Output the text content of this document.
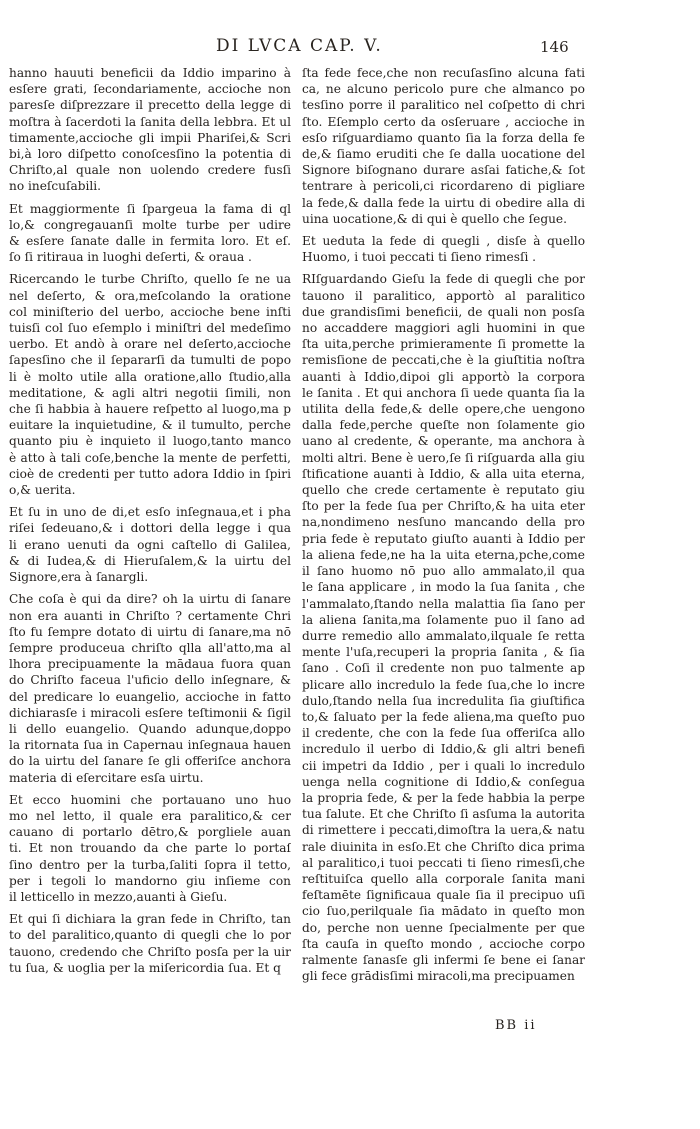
DI LVCA CAP. V.	146
hanno hauuti beneficii da Iddio imparino à
esſere grati, ſecondariamente, accioche non
paresſe diſprezzare il precetto della legge di
moſtra à ſacerdoti la ſanita della lebbra. Et ul
timamente,accioche gli impii Phariſei,& Scri
bi,à loro diſpetto conoſcesſino la potentia di
Chriſto,al quale non uolendo credere fusſi
no ineſcuſabili.
Et maggiormente ſi ſpargeua la fama di ql
lo,& congregauanſi molte turbe per udire
& esſere ſanate dalle in fermita loro. Et eſ.
ſo ſi ritiraua in luoghi deſerti, & oraua .
Ricercando le turbe Chriſto, quello ſe ne ua
nel deſerto, & ora,meſcolando la oratione
col miniſterio del uerbo, accioche bene inſti
tuisſi col ſuo eſemplo i miniſtri del medeſimo
uerbo. Et andò à orare nel deſerto,accioche
ſapesſino che il ſepararſi da tumulti de popo
li è molto utile alla oratione,allo ſtudio,alla
meditatione, & agli altri negotii ſimili, non
che ſi habbia à hauere reſpetto al luogo,ma p
euitare la inquietudine, & il tumulto, perche
quanto piu è inquieto il luogo,tanto manco
è atto à tali coſe,benche la mente de perfetti,
cioè de credenti per tutto adora Iddio in ſpiri
o,& uerita.
Et ſu in uno de di,et esſo inſegnaua,et i pha
riſei ſedeuano,& i dottori della legge i qua
li erano uenuti da ogni caſtello di Galilea,
& di Iudea,& di Hieruſalem,& la uirtu del
Signore,era à ſanargli.
Che coſa è qui da dire? oh la uirtu di ſanare
non era auanti in Chriſto ? certamente Chri
ſto fu ſempre dotato di uirtu di ſanare,ma nō
ſempre produceua chriſto qlla all'atto,ma al
lhora precipuamente la mādaua fuora quan
do Chriſto faceua l'uficio dello inſegnare, &
del predicare lo euangelio, accioche in fatto
dichiarasſe i miracoli esſere teſtimonii & ſigil
li dello euangelio. Quando adunque,doppo
la ritornata ſua in Capernau inſegnaua hauen
do la uirtu del ſanare ſe gli offeriſce anchora
materia di eſercitare esſa uirtu.
Et ecco huomini che portauano uno huo
mo nel letto, il quale era paralitico,& cer
cauano di portarlo dētro,& porgliele auan
ti. Et non trouando da che parte lo portaſ
ſino dentro per la turba,ſaliti ſopra il tetto,
per i tegoli lo mandorno giu inſieme con
il letticello in mezzo,auanti à Gieſu.
Et qui ſi dichiara la gran fede in Chriſto, tan
to del paralitico,quanto di quegli che lo por
tauono, credendo che Chriſto posſa per la uir
tu ſua, & uoglia per la miſericordia ſua. Et q
ſta fede fece,che non recuſasſino alcuna fati
ca, ne alcuno pericolo pure che almanco po
tesſino porre il paralitico nel coſpetto di chri
ſto. Eſemplo certo da osſeruare , accioche in
esſo riſguardiamo quanto ſia la forza della fe
de,& ſiamo eruditi che ſe dalla uocatione del
Signore biſognano durare asſai fatiche,& ſot
tentrare à pericoli,ci ricordareno di pigliare
la fede,& dalla fede la uirtu di obedire alla di
uina uocatione,& di qui è quello che ſegue.
Et ueduta la fede di quegli , disſe à quello
Huomo, i tuoi peccati ti ſieno rimesſi .
RIſguardando Gieſu la fede di quegli che por
tauono il paralitico, apportò al paralitico
due grandisſimi beneficii, de quali non posſa
no accaddere maggiori agli huomini in que
ſta uita,perche primieramente ſi promette la
remisſione de peccati,che è la giuſtitia noſtra
auanti à Iddio,dipoi gli apportò la corpora
le ſanita . Et qui anchora ſi uede quanta ſia la
utilita della fede,& delle opere,che uengono
dalla fede,perche queſte non ſolamente gio
uano al credente, & operante, ma anchora à
molti altri. Bene è uero,ſe ſi riſguarda alla giu
ſtificatione auanti à Iddio, & alla uita eterna,
quello che crede certamente è reputato giu
ſto per la fede ſua per Chriſto,& ha uita eter
na,nondimeno nesſuno mancando della pro
pria fede è reputato giuſto auanti à Iddio per
la aliena fede,ne ha la uita eterna,pche,come
il ſano huomo nō puo allo ammalato,il qua
le ſana applicare , in modo la ſua ſanita , che
l'ammalato,ſtando nella malattia ſia ſano per
la aliena ſanita,ma ſolamente puo il ſano ad
durre remedio allo ammalato,ilquale ſe retta
mente l'uſa,recuperi la propria ſanita , & ſia
ſano . Coſi il credente non puo talmente ap
plicare allo incredulo la fede ſua,che lo incre
dulo,ſtando nella ſua incredulita ſia giuſtifica
to,& ſaluato per la fede aliena,ma queſto puo
il credente, che con la fede ſua offeriſca allo
incredulo il uerbo di Iddio,& gli altri benefi
cii impetri da Iddio , per i quali lo incredulo
uenga nella cognitione di Iddio,& conſegua
la propria fede, & per la fede habbia la perpe
tua ſalute. Et che Chriſto ſi asſuma la autorita
di rimettere i peccati,dimoſtra la uera,& natu
rale diuinita in esſo.Et che Chriſto dica prima
al paralitico,i tuoi peccati ti ſieno rimesſi,che
reſtituiſca quello alla corporale ſanita mani
feſtamēte ſignificaua quale ſia il precipuo uſi
cio ſuo,perilquale ſia mādato in queſto mon
do, perche non uenne ſpecialmente per que
ſta cauſa in queſto mondo , accioche corpo
ralmente ſanasſe gli infermi ſe bene ei ſanar
gli fece grādisſimi miracoli,ma precipuamen
BB ii
